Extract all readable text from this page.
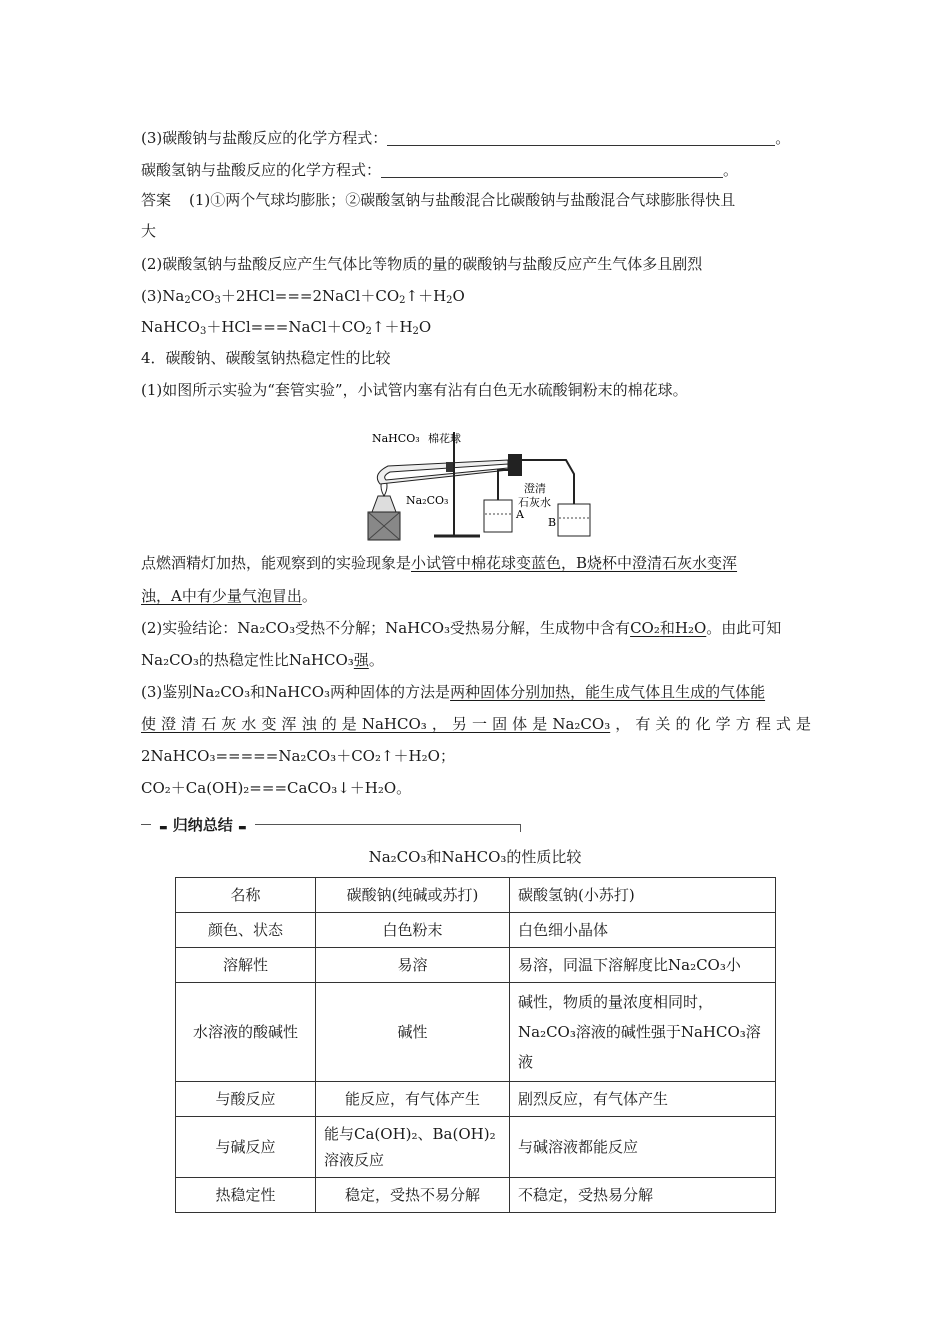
(3)碳酸钠与盐酸反应的化学方程式：	。
碳酸氢钠与盐酸反应的化学方程式：	。
答案 (1)①两个气球均膨胀；②碳酸氢钠与盐酸混合比碳酸钠与盐酸混合气球膨胀得快且
大
(2)碳酸氢钠与盐酸反应产生气体比等物质的量的碳酸钠与盐酸反应产生气体多且剧烈
$(3)Na_2CO_3+2HCl===2NaCl+CO_2↑+H_2O$
$NaHCO_3+HCl===NaCl+CO_2↑+H_2O$
4．碳酸钠、碳酸氢钠热稳定性的比较
(1)如图所示实验为“套管实验”，小试管内塞有沾有白色无水硫酸铜粉末的棉花球。
NaHCO₃ 棉花球
Na₂CO₃
澄清
石灰水
A
B
点燃酒精灯加热，能观察到的实验现象是小试管中棉花球变蓝色，B烧杯中澄清石灰水变浑
浊，A中有少量气泡冒出。
(2)实验结论：Na₂CO₃受热不分解；NaHCO₃受热易分解，生成物中含有CO₂和H₂O。由此可知
Na₂CO₃的热稳定性比NaHCO₃强。
(3)鉴别Na₂CO₃和NaHCO₃两种固体的方法是两种固体分别加热，能生成气体且生成的气体能
使澄清石灰水变浑浊的是NaHCO₃，另一固体是Na₂CO₃，有关的化学方程式是
2NaHCO₃=====Na₂CO₃＋CO₂↑＋H₂O；
CO₂＋Ca(OH)₂===CaCO₃↓＋H₂O。
▬ 归纳总结 ▬
Na₂CO₃和NaHCO₃的性质比较
名称	碳酸钠(纯碱或苏打)	碳酸氢钠(小苏打)
颜色、状态	白色粉末	白色细小晶体
溶解性	易溶	易溶，同温下溶解度比Na₂CO₃小
水溶液的酸碱性	碱性	碱性，物质的量浓度相同时，Na₂CO₃溶液的碱性强于NaHCO₃溶液
与酸反应	能反应，有气体产生	剧烈反应，有气体产生
与碱反应	能与Ca(OH)₂、Ba(OH)₂溶液反应	与碱溶液都能反应
热稳定性	稳定，受热不易分解	不稳定，受热易分解
